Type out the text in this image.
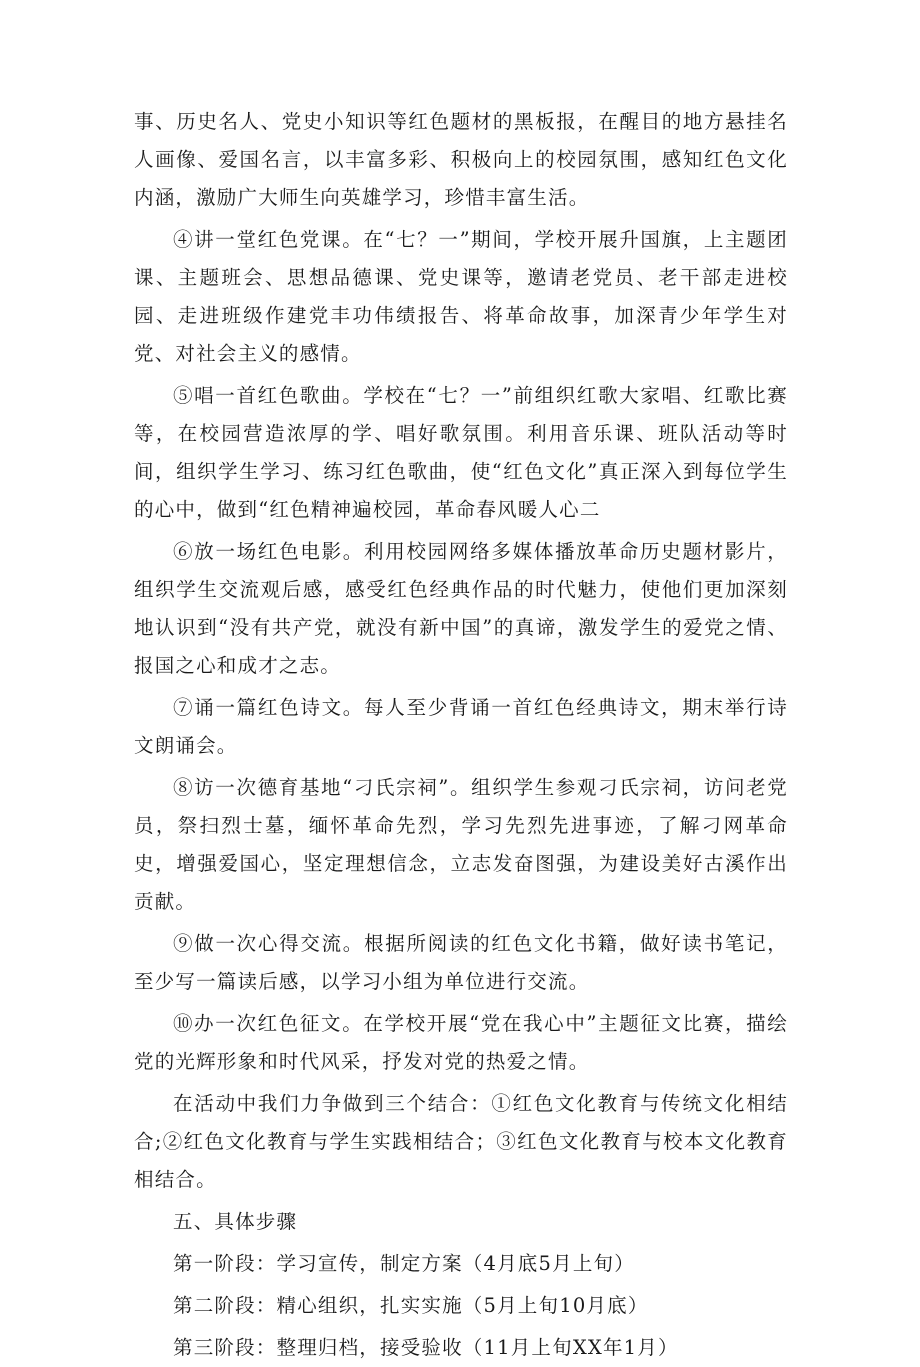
事、历史名人、党史小知识等红色题材的黑板报，在醒目的地方悬挂名人画像、爱国名言，以丰富多彩、积极向上的校园氛围，感知红色文化内涵，激励广大师生向英雄学习，珍惜丰富生活。

④讲一堂红色党课。在“七？一”期间，学校开展升国旗，上主题团课、主题班会、思想品德课、党史课等，邀请老党员、老干部走进校园、走进班级作建党丰功伟绩报告、将革命故事，加深青少年学生对党、对社会主义的感情。

⑤唱一首红色歌曲。学校在“七？一”前组织红歌大家唱、红歌比赛等，在校园营造浓厚的学、唱好歌氛围。利用音乐课、班队活动等时间，组织学生学习、练习红色歌曲，使“红色文化”真正深入到每位学生的心中，做到“红色精神遍校园，革命春风暖人心二

⑥放一场红色电影。利用校园网络多媒体播放革命历史题材影片，组织学生交流观后感，感受红色经典作品的时代魅力，使他们更加深刻地认识到“没有共产党，就没有新中国”的真谛，激发学生的爱党之情、报国之心和成才之志。

⑦诵一篇红色诗文。每人至少背诵一首红色经典诗文，期末举行诗文朗诵会。

⑧访一次德育基地“刁氏宗祠”。组织学生参观刁氏宗祠，访问老党员，祭扫烈士墓，缅怀革命先烈，学习先烈先进事迹，了解刁网革命史，增强爱国心，坚定理想信念，立志发奋图强，为建设美好古溪作出贡献。

⑨做一次心得交流。根据所阅读的红色文化书籍，做好读书笔记，至少写一篇读后感，以学习小组为单位进行交流。

⑩办一次红色征文。在学校开展“党在我心中”主题征文比赛，描绘党的光辉形象和时代风采，抒发对党的热爱之情。

在活动中我们力争做到三个结合：①红色文化教育与传统文化相结合;②红色文化教育与学生实践相结合；③红色文化教育与校本文化教育相结合。

五、具体步骤

第一阶段：学习宣传，制定方案（4月底5月上旬）

第二阶段：精心组织，扎实实施（5月上旬10月底）

第三阶段：整理归档，接受验收（11月上旬XX年1月）
